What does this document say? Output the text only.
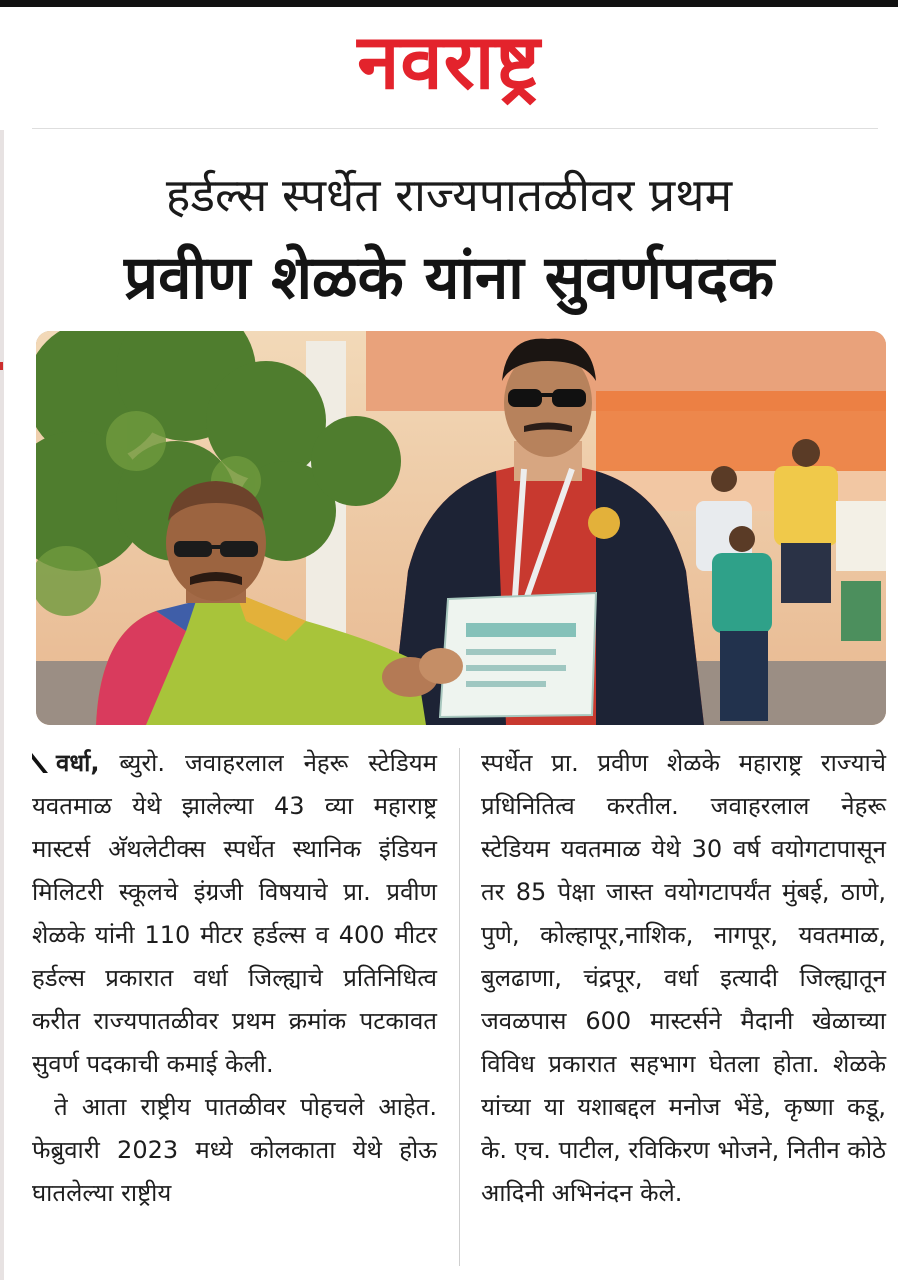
नवराष्ट्र
हर्डल्स स्पर्धेत राज्यपातळीवर प्रथम
प्रवीण शेळके यांना सुवर्णपदक

वर्धा, ब्युरो. जवाहरलाल नेहरू स्टेडियम यवतमाळ येथे झालेल्या 43 व्या महाराष्ट्र मास्टर्स अ‍ॅथलेटीक्स स्पर्धेत स्थानिक इंडियन मिलिटरी स्कूलचे इंग्रजी विषयाचे प्रा. प्रवीण शेळके यांनी 110 मीटर हर्डल्स व 400 मीटर हर्डल्स प्रकारात वर्धा जिल्ह्याचे प्रतिनिधित्व करीत राज्यपातळीवर प्रथम क्रमांक पटकावत सुवर्ण पदकाची कमाई केली.

ते आता राष्ट्रीय पातळीवर पोहचले आहेत. फेब्रुवारी 2023 मध्ये कोलकाता येथे होऊ घातलेल्या राष्ट्रीय

स्पर्धेत प्रा. प्रवीण शेळके महाराष्ट्र राज्याचे प्रधिनितित्व करतील. जवाहरलाल नेहरू स्टेडियम यवतमाळ येथे 30 वर्ष वयोगटापासून तर 85 पेक्षा जास्त वयोगटापर्यंत मुंबई, ठाणे, पुणे, कोल्हापूर,नाशिक, नागपूर, यवतमाळ, बुलढाणा, चंद्रपूर, वर्धा इत्यादी जिल्ह्यातून जवळपास 600 मास्टर्सने मैदानी खेळाच्या विविध प्रकारात सहभाग घेतला होता. शेळके यांच्या या यशाबद्दल मनोज भेंडे, कृष्णा कडू, के. एच. पाटील, रविकिरण भोजने, नितीन कोठे आदिनी अभिनंदन केले.
